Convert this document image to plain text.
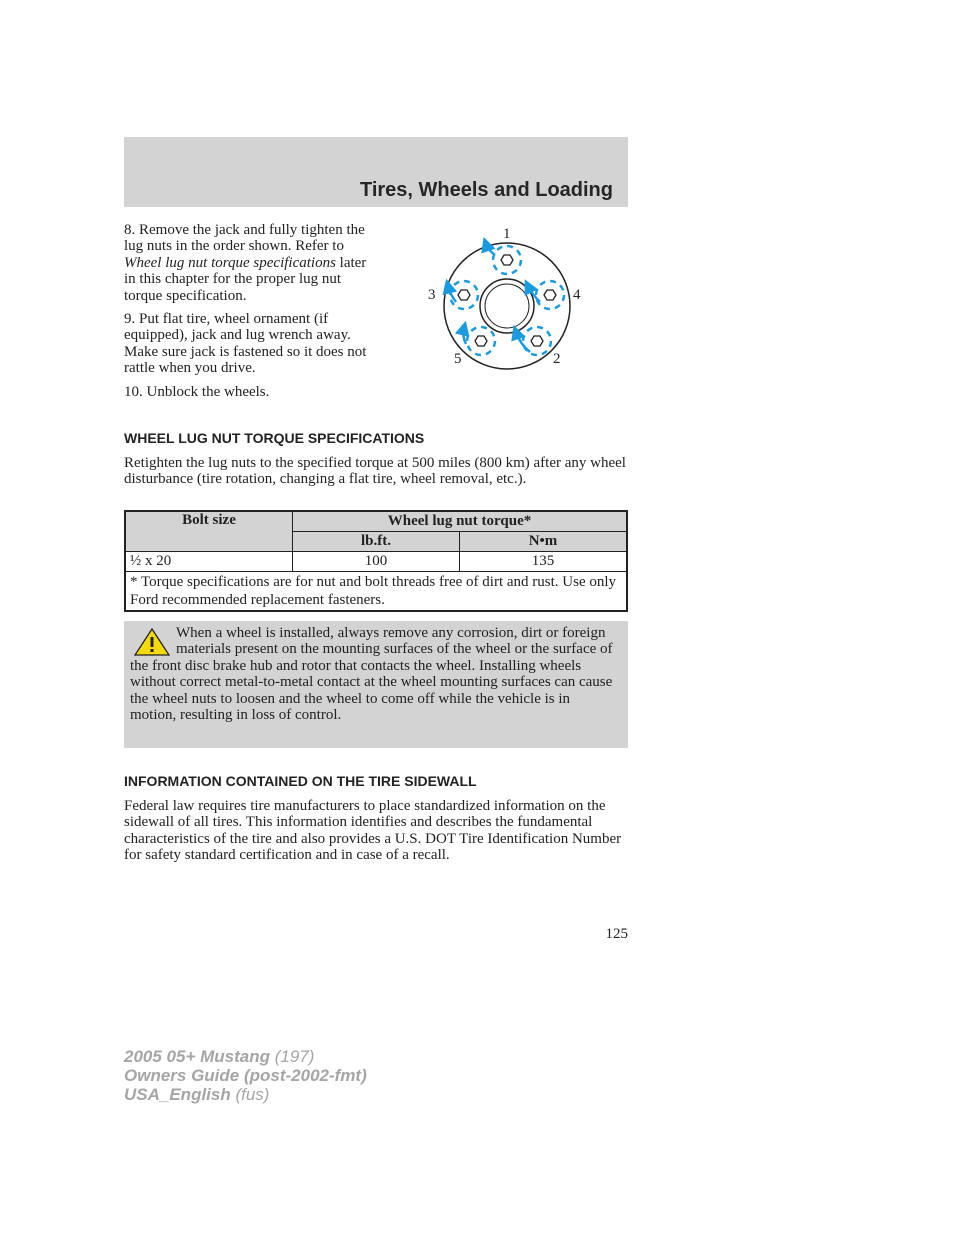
Tires, Wheels and Loading

8. Remove the jack and fully tighten the lug nuts in the order shown. Refer to Wheel lug nut torque specifications later in this chapter for the proper lug nut torque specification.

9. Put flat tire, wheel ornament (if equipped), jack and lug wrench away. Make sure jack is fastened so it does not rattle when you drive.

10. Unblock the wheels.

1
2
3	4
5
WHEEL LUG NUT TORQUE SPECIFICATIONS

Retighten the lug nuts to the specified torque at 500 miles (800 km) after any wheel disturbance (tire rotation, changing a flat tire, wheel removal, etc.).

Bolt size	Wheel lug nut torque*	
	lb.ft.	N•m
½ x 20	100	135
* Torque specifications are for nut and bolt threads free of dirt and rust. Use only Ford recommended replacement fasteners.		
When a wheel is installed, always remove any corrosion, dirt or foreign materials present on the mounting surfaces of the wheel or the surface of the front disc brake hub and rotor that contacts the wheel. Installing wheels without correct metal-to-metal contact at the wheel mounting surfaces can cause the wheel nuts to loosen and the wheel to come off while the vehicle is in motion, resulting in loss of control.
INFORMATION CONTAINED ON THE TIRE SIDEWALL

Federal law requires tire manufacturers to place standardized information on the sidewall of all tires. This information identifies and describes the fundamental characteristics of the tire and also provides a U.S. DOT Tire Identification Number for safety standard certification and in case of a recall.

125

2005 05+ Mustang (197)
Owners Guide (post-2002-fmt)
USA_English (fus)
